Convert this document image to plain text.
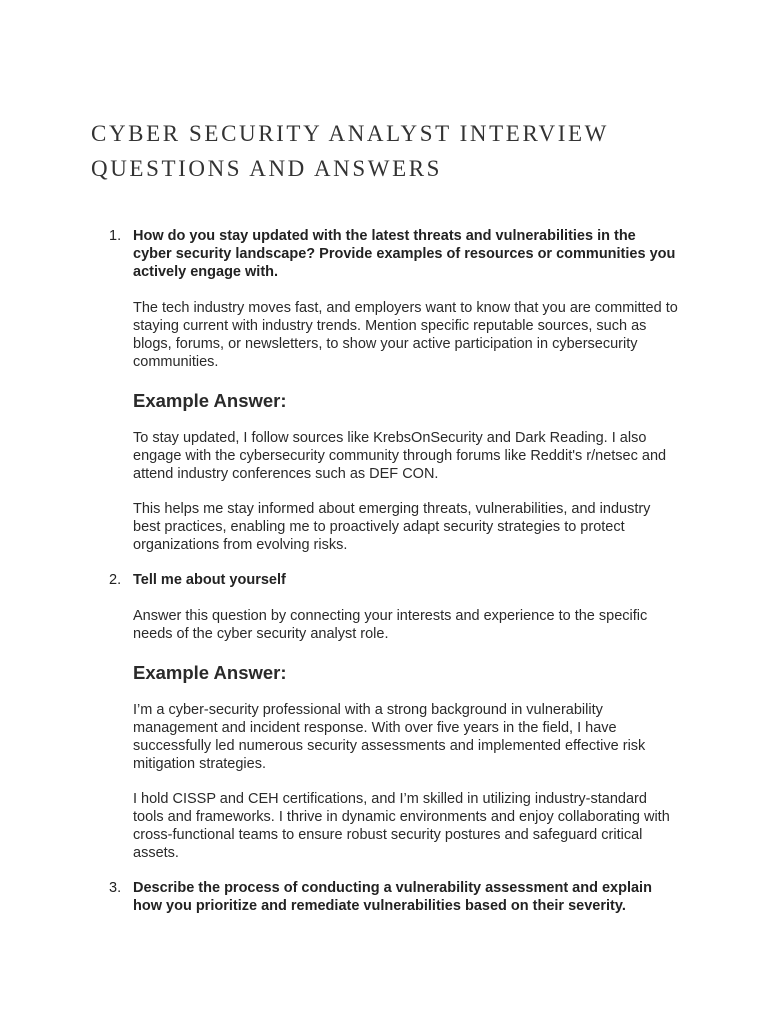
CYBER SECURITY ANALYST INTERVIEW
QUESTIONS AND ANSWERS
1. How do you stay updated with the latest threats and vulnerabilities in the cyber security landscape? Provide examples of resources or communities you actively engage with.

The tech industry moves fast, and employers want to know that you are committed to staying current with industry trends. Mention specific reputable sources, such as blogs, forums, or newsletters, to show your active participation in cybersecurity communities.

Example Answer:

To stay updated, I follow sources like KrebsOnSecurity and Dark Reading. I also engage with the cybersecurity community through forums like Reddit's r/netsec and attend industry conferences such as DEF CON.

This helps me stay informed about emerging threats, vulnerabilities, and industry best practices, enabling me to proactively adapt security strategies to protect organizations from evolving risks.

2. Tell me about yourself

Answer this question by connecting your interests and experience to the specific needs of the cyber security analyst role.

Example Answer:

I’m a cyber-security professional with a strong background in vulnerability management and incident response. With over five years in the field, I have successfully led numerous security assessments and implemented effective risk mitigation strategies.

I hold CISSP and CEH certifications, and I’m skilled in utilizing industry-standard tools and frameworks. I thrive in dynamic environments and enjoy collaborating with cross-functional teams to ensure robust security postures and safeguard critical assets.

3. Describe the process of conducting a vulnerability assessment and explain how you prioritize and remediate vulnerabilities based on their severity.
